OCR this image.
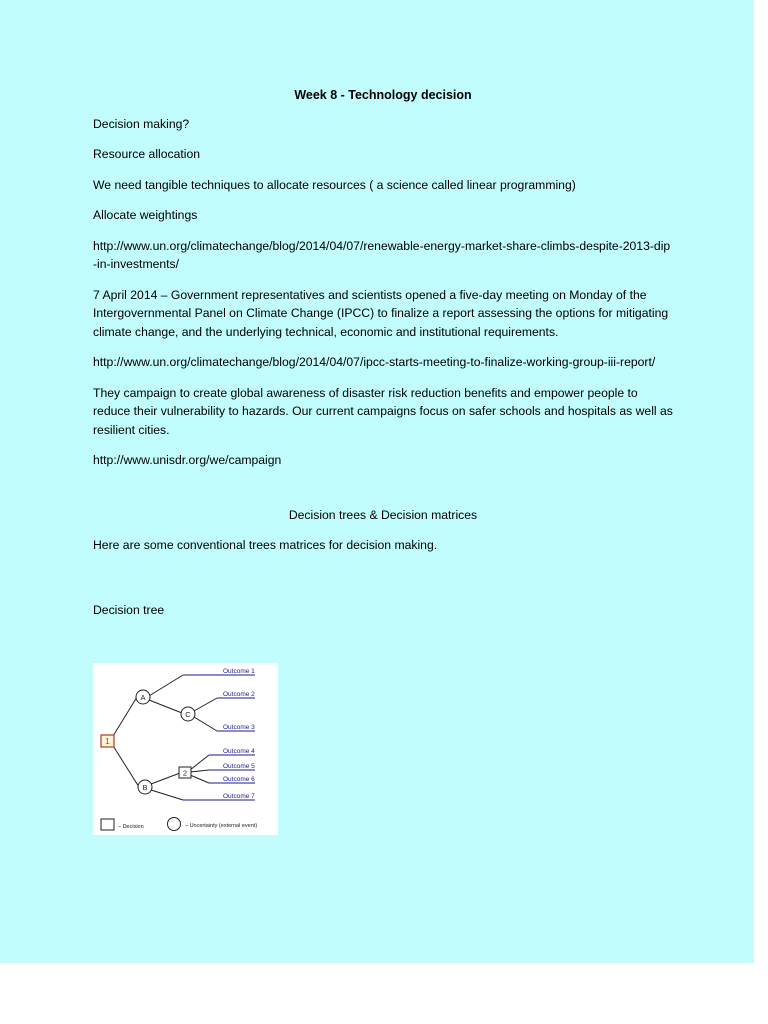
Week 8 - Technology decision

Decision making?

Resource allocation

We need tangible techniques to allocate resources ( a science called linear programming)

Allocate weightings

http://www.un.org/climatechange/blog/2014/04/07/renewable-energy-market-share-climbs-despite-2013-dip-in-investments/

7 April 2014 – Government representatives and scientists opened a five-day meeting on Monday of the Intergovernmental Panel on Climate Change (IPCC) to finalize a report assessing the options for mitigating climate change, and the underlying technical, economic and institutional requirements.

http://www.un.org/climatechange/blog/2014/04/07/ipcc-starts-meeting-to-finalize-working-group-iii-report/

They campaign to create global awareness of disaster risk reduction benefits and empower people to reduce their vulnerability to hazards. Our current campaigns focus on safer schools and hospitals as well as resilient cities.

http://www.unisdr.org/we/campaign

Decision trees & Decision matrices

Here are some conventional trees matrices for decision making.

Decision tree

Outcome 1
Outcome 2
Outcome 3
Outcome 4
Outcome 5
Outcome 6
Outcome 7
1
A
C
B
2
– Decision	– Uncertainty (external event)
